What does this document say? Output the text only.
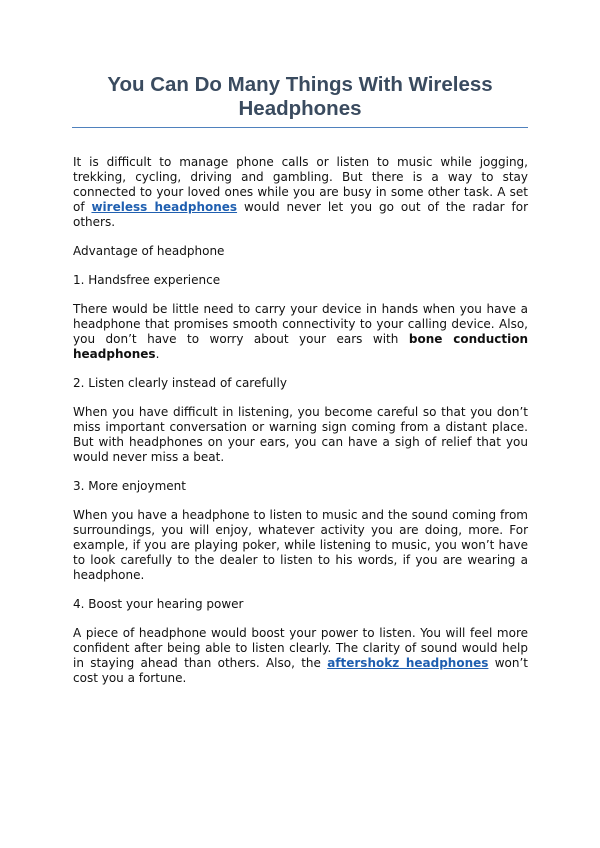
You Can Do Many Things With Wireless Headphones

It is difficult to manage phone calls or listen to music while jogging, trekking, cycling, driving and gambling. But there is a way to stay connected to your loved ones while you are busy in some other task. A set of wireless headphones would never let you go out of the radar for others.

Advantage of headphone

1. Handsfree experience

There would be little need to carry your device in hands when you have a headphone that promises smooth connectivity to your calling device. Also, you don’t have to worry about your ears with bone conduction headphones.

2. Listen clearly instead of carefully

When you have difficult in listening, you become careful so that you don’t miss important conversation or warning sign coming from a distant place. But with headphones on your ears, you can have a sigh of relief that you would never miss a beat.

3. More enjoyment

When you have a headphone to listen to music and the sound coming from surroundings, you will enjoy, whatever activity you are doing, more. For example, if you are playing poker, while listening to music, you won’t have to look carefully to the dealer to listen to his words, if you are wearing a headphone.

4. Boost your hearing power

A piece of headphone would boost your power to listen. You will feel more confident after being able to listen clearly. The clarity of sound would help in staying ahead than others. Also, the aftershokz headphones won’t cost you a fortune.
